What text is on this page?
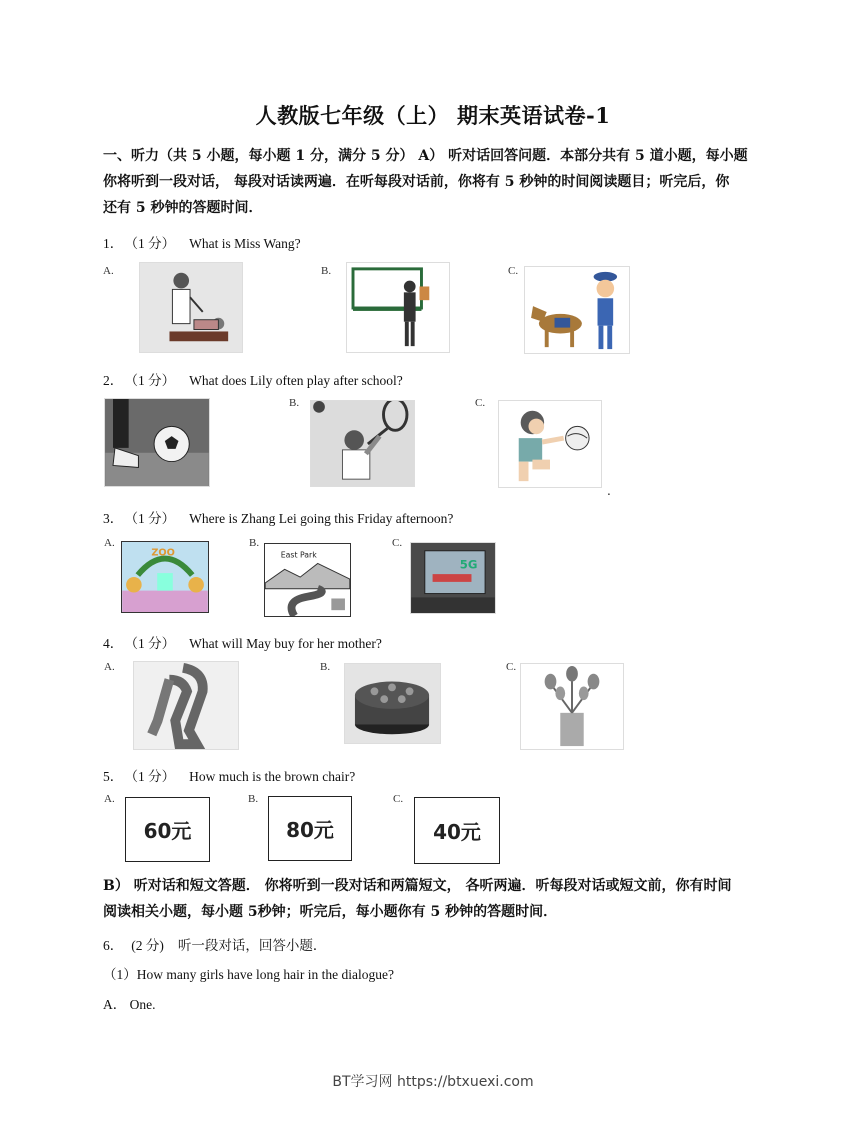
人教版七年级（上） 期末英语试卷-1
一、听力（共 5 小题，每小题 1 分，满分 5 分） A） 听对话回答问题．本部分共有 5 道小题，每小题
你将听到一段对话， 每段对话读两遍．在听每段对话前，你将有 5 秒钟的时间阅读题目；听完后，你
还有 5 秒钟的答题时间．
1． （1 分） What is Miss Wang?
A.	B.	C.
2． （1 分） What does Lily often play after school?
B.	C.
.
3． （1 分） Where is Zhang Lei going this Friday afternoon?
A.
ZOO
B.
East Park
C.
5G
4． （1 分） What will May buy for her mother?
A.	B.	C.
5． （1 分） How much is the brown chair?
A.
60元
B.
80元
C.
40元
B） 听对话和短文答题． 你将听到一段对话和两篇短文， 各听两遍．听每段对话或短文前，你有时间
阅读相关小题，每小题 5秒钟；听完后，每小题你有 5 秒钟的答题时间．
6． (2 分) 听一段对话，回答小题．
（1）How many girls have long hair in the dialogue?
A． One.
BT学习网 https://btxuexi.com
